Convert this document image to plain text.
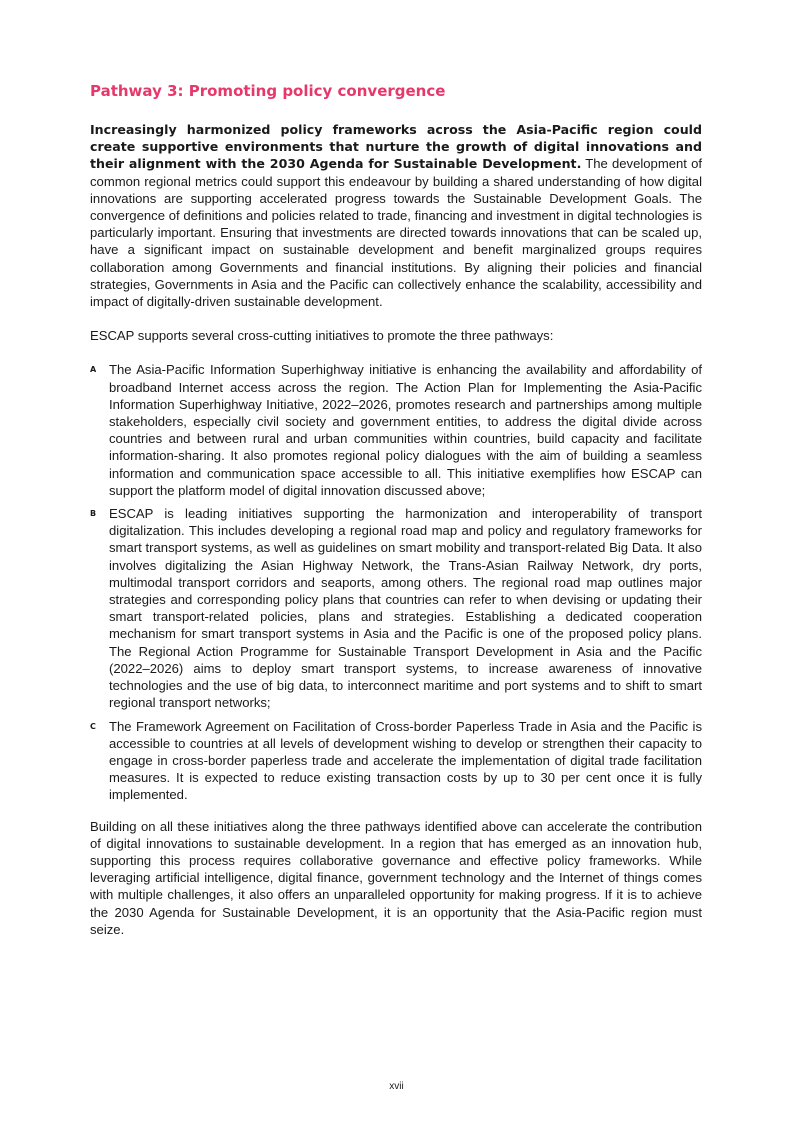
Pathway 3: Promoting policy convergence

Increasingly harmonized policy frameworks across the Asia-Pacific region could create supportive environments that nurture the growth of digital innovations and their alignment with the 2030 Agenda for Sustainable Development. The development of common regional metrics could support this endeavour by building a shared understanding of how digital innovations are supporting accelerated progress towards the Sustainable Development Goals. The convergence of definitions and policies related to trade, financing and investment in digital technologies is particularly important. Ensuring that investments are directed towards innovations that can be scaled up, have a significant impact on sustainable development and benefit marginalized groups requires collaboration among Governments and financial institutions. By aligning their policies and financial strategies, Governments in Asia and the Pacific can collectively enhance the scalability, accessibility and impact of digitally-driven sustainable development.

ESCAP supports several cross-cutting initiatives to promote the three pathways:

A The Asia-Pacific Information Superhighway initiative is enhancing the availability and affordability of broadband Internet access across the region. The Action Plan for Implementing the Asia-Pacific Information Superhighway Initiative, 2022–2026, promotes research and partnerships among multiple stakeholders, especially civil society and government entities, to address the digital divide across countries and between rural and urban communities within countries, build capacity and facilitate information-sharing. It also promotes regional policy dialogues with the aim of building a seamless information and communication space accessible to all. This initiative exemplifies how ESCAP can support the platform model of digital innovation discussed above;

B ESCAP is leading initiatives supporting the harmonization and interoperability of transport digitalization. This includes developing a regional road map and policy and regulatory frameworks for smart transport systems, as well as guidelines on smart mobility and transport-related Big Data. It also involves digitalizing the Asian Highway Network, the Trans-Asian Railway Network, dry ports, multimodal transport corridors and seaports, among others. The regional road map outlines major strategies and corresponding policy plans that countries can refer to when devising or updating their smart transport-related policies, plans and strategies. Establishing a dedicated cooperation mechanism for smart transport systems in Asia and the Pacific is one of the proposed policy plans. The Regional Action Programme for Sustainable Transport Development in Asia and the Pacific (2022–2026) aims to deploy smart transport systems, to increase awareness of innovative technologies and the use of big data, to interconnect maritime and port systems and to shift to smart regional transport networks;

C The Framework Agreement on Facilitation of Cross-border Paperless Trade in Asia and the Pacific is accessible to countries at all levels of development wishing to develop or strengthen their capacity to engage in cross-border paperless trade and accelerate the implementation of digital trade facilitation measures. It is expected to reduce existing transaction costs by up to 30 per cent once it is fully implemented.

Building on all these initiatives along the three pathways identified above can accelerate the contribution of digital innovations to sustainable development. In a region that has emerged as an innovation hub, supporting this process requires collaborative governance and effective policy frameworks. While leveraging artificial intelligence, digital finance, government technology and the Internet of things comes with multiple challenges, it also offers an unparalleled opportunity for making progress. If it is to achieve the 2030 Agenda for Sustainable Development, it is an opportunity that the Asia-Pacific region must seize.

xvii
